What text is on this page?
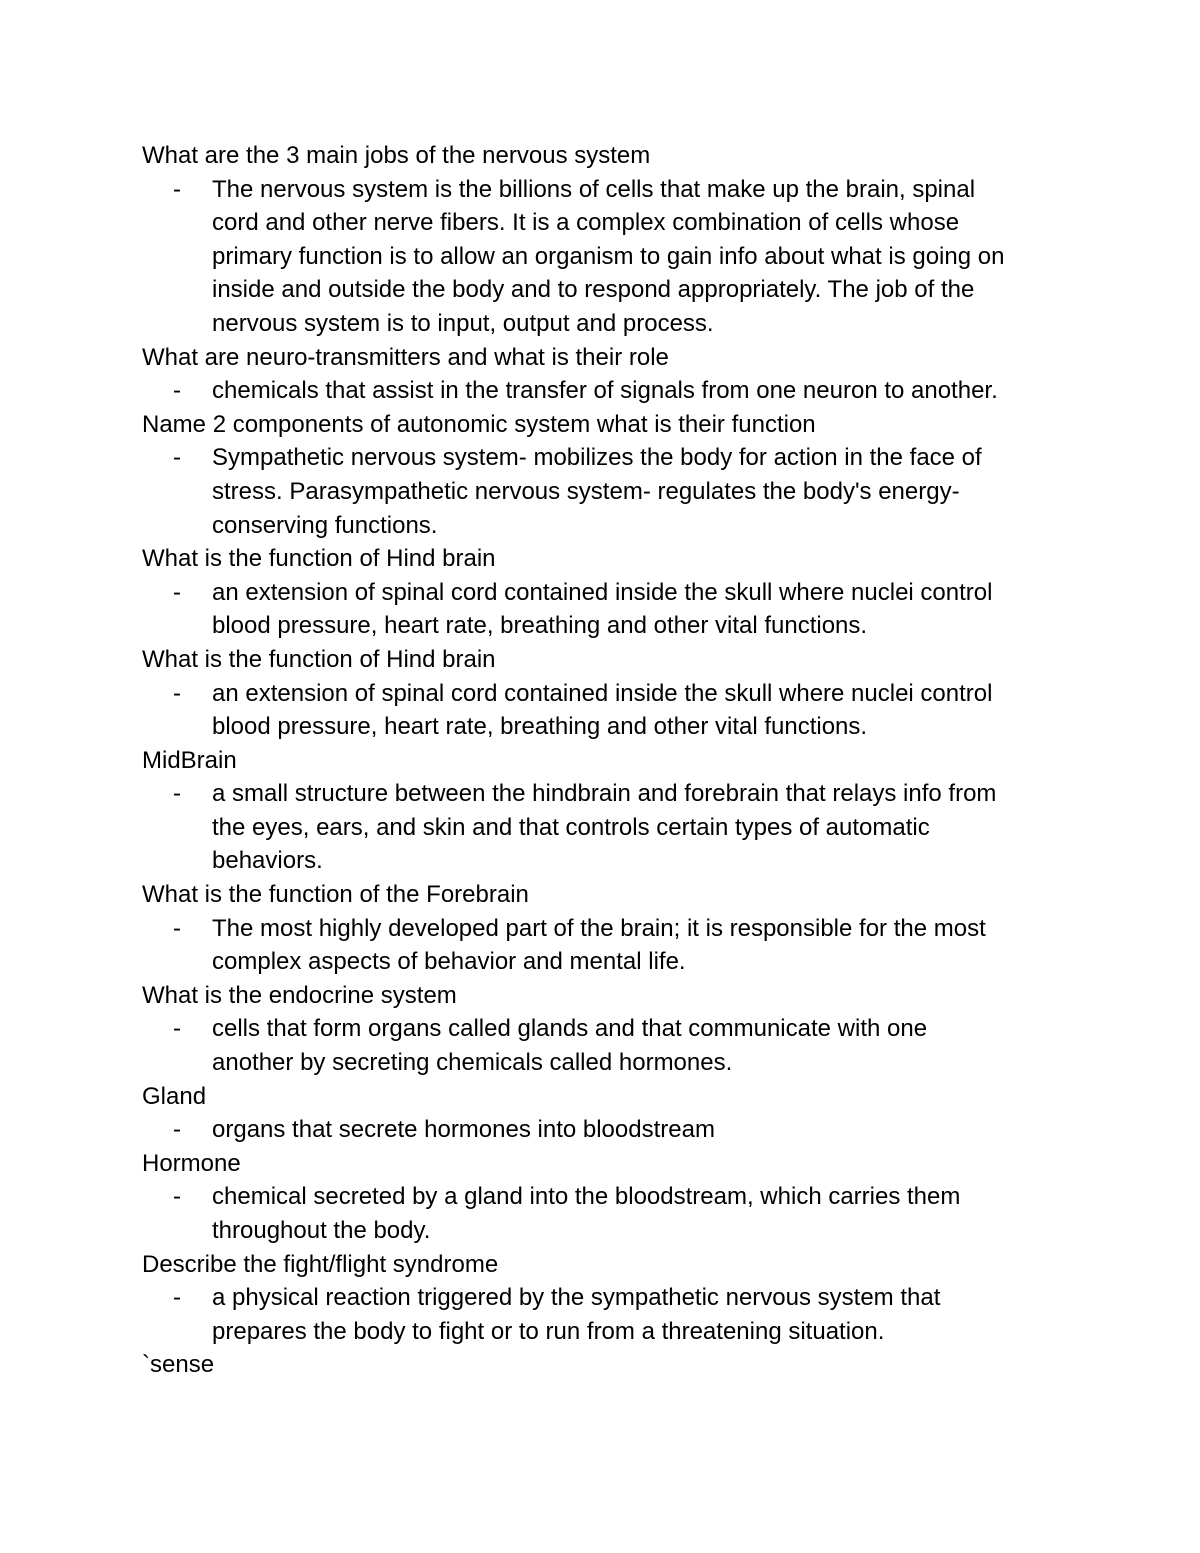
What are the 3 main jobs of the nervous system

- The nervous system is the billions of cells that make up the brain, spinal
cord and other nerve fibers. It is a complex combination of cells whose
primary function is to allow an organism to gain info about what is going on
inside and outside the body and to respond appropriately. The job of the
nervous system is to input, output and process.

What are neuro-transmitters and what is their role

- chemicals that assist in the transfer of signals from one neuron to another.

Name 2 components of autonomic system what is their function

- Sympathetic nervous system- mobilizes the body for action in the face of
stress. Parasympathetic nervous system- regulates the body's energy-
conserving functions.

What is the function of Hind brain

- an extension of spinal cord contained inside the skull where nuclei control
blood pressure, heart rate, breathing and other vital functions.

What is the function of Hind brain

- an extension of spinal cord contained inside the skull where nuclei control
blood pressure, heart rate, breathing and other vital functions.

MidBrain

- a small structure between the hindbrain and forebrain that relays info from
the eyes, ears, and skin and that controls certain types of automatic
behaviors.

What is the function of the Forebrain

- The most highly developed part of the brain; it is responsible for the most
complex aspects of behavior and mental life.

What is the endocrine system

- cells that form organs called glands and that communicate with one
another by secreting chemicals called hormones.

Gland

- organs that secrete hormones into bloodstream

Hormone

- chemical secreted by a gland into the bloodstream, which carries them
throughout the body.

Describe the fight/flight syndrome

- a physical reaction triggered by the sympathetic nervous system that
prepares the body to fight or to run from a threatening situation.

`sense
